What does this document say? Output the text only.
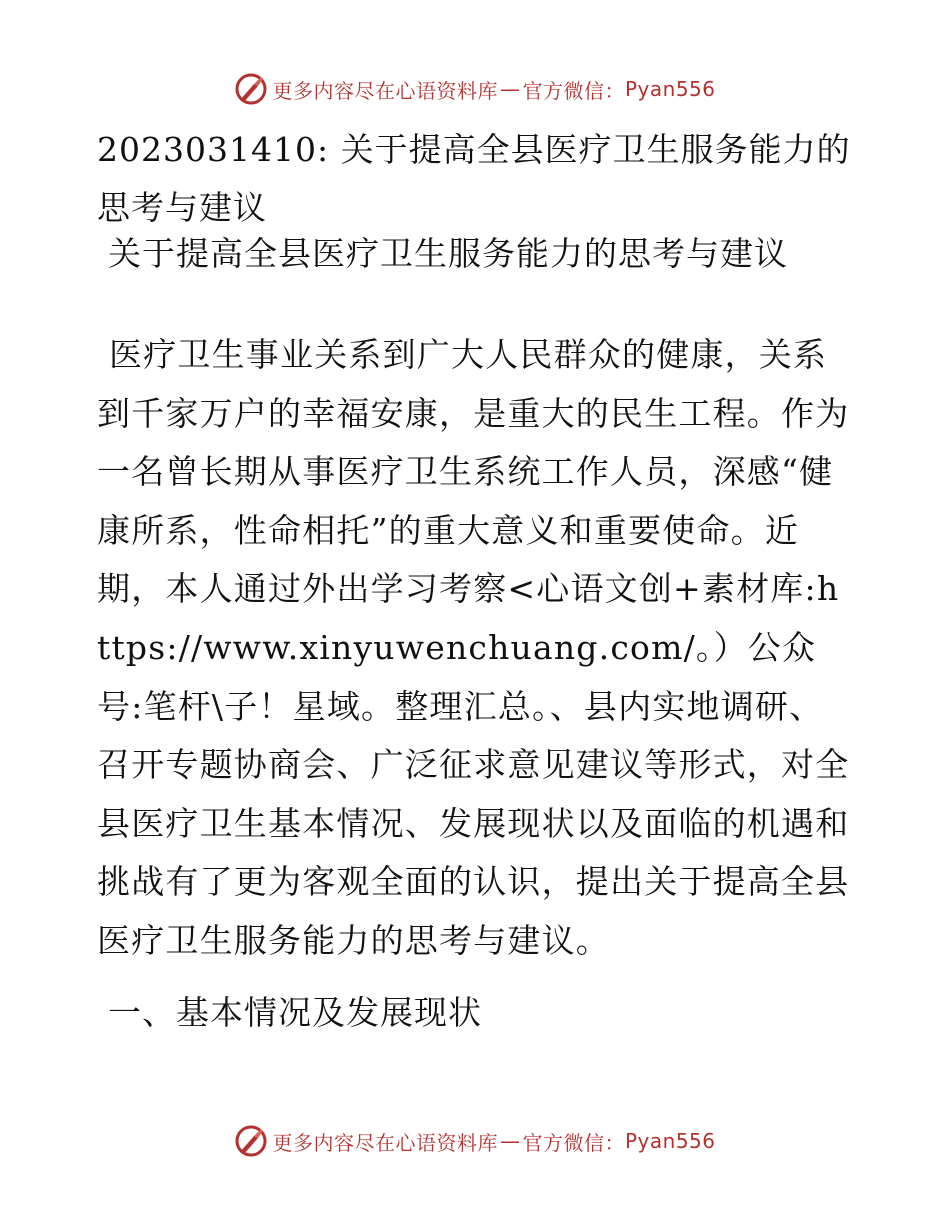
更多内容尽在心语资料库 — 官方微信： Pyan556
2023031410: 关于提高全县医疗卫生服务能力的思考与建议

关于提高全县医疗卫生服务能力的思考与建议

医疗卫生事业关系到广大人民群众的健康，关系到千家万户的幸福安康，是重大的民生工程。作为一名曾长期从事医疗卫生系统工作人员，深感“健康所系，性命相托”的重大意义和重要使命。近期，本人通过外出学习考察<心语文创+素材库:https://www.xinyuwenchuang.com/。）公众号:笔杆\子！星域。整理汇总。、县内实地调研、召开专题协商会、广泛征求意见建议等形式，对全县医疗卫生基本情况、发展现状以及面临的机遇和挑战有了更为客观全面的认识，提出关于提高全县医疗卫生服务能力的思考与建议。

一、基本情况及发展现状

更多内容尽在心语资料库 — 官方微信： Pyan556
